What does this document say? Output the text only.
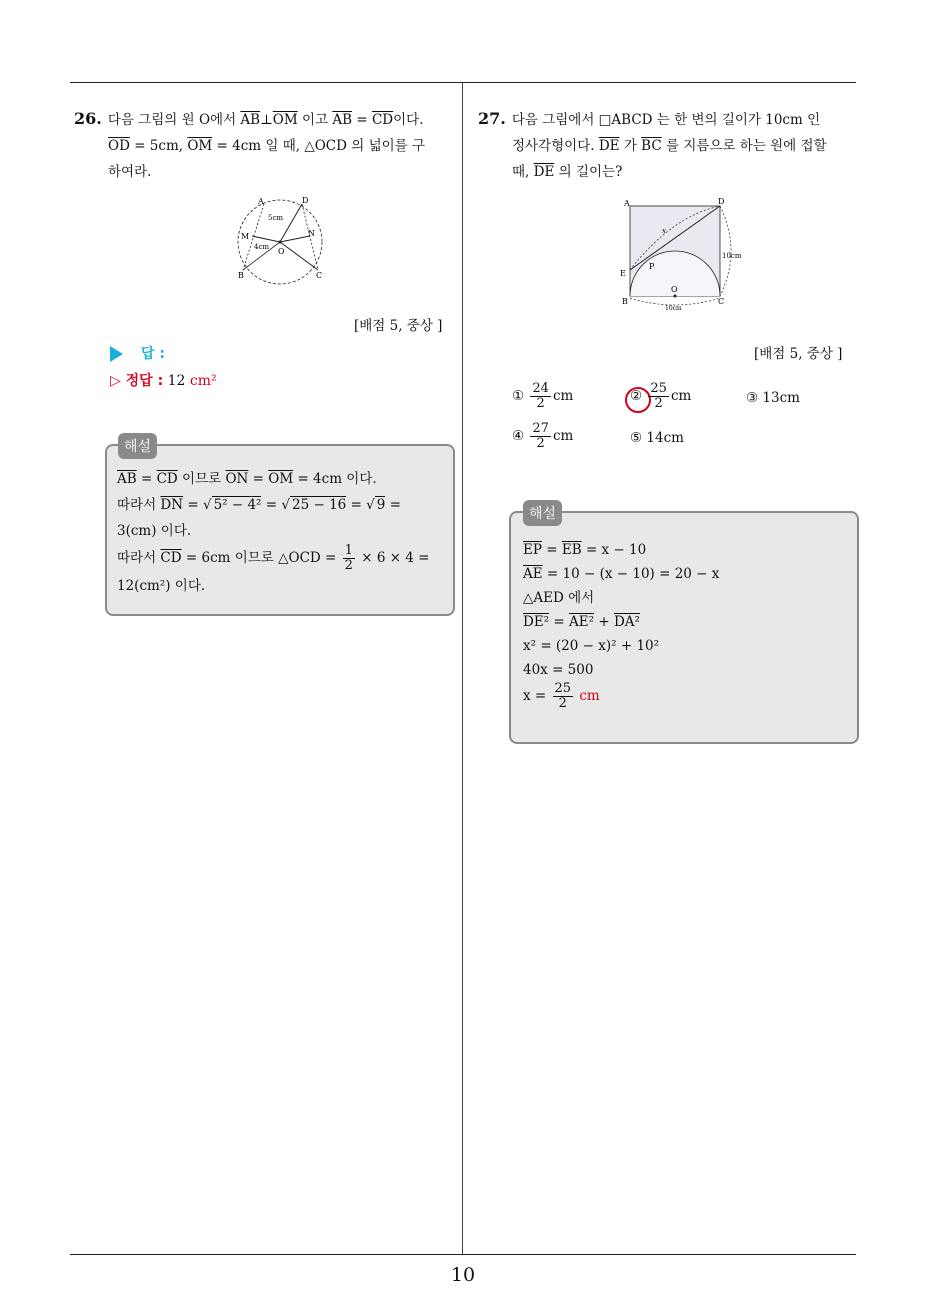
26. 다음 그림의 원 O에서 $\overline{AB}\perp\overline{OM}$ 이고 $\overline{AB} = \overline{CD}$이다.
$\overline{OD} = 5cm$, $\overline{OM} = 4cm$ 일 때, △OCD 의 넓이를 구
하여라.
A	D
M	N
O
B	C
5cm
4cm
[배점 5, 중상 ]
답 :
▷ 정답 : 12 cm²
해설
$\overline{AB} = \overline{CD}$ 이므로 $\overline{ON} = \overline{OM} = 4cm$ 이다.
따라서 $\overline{DN}$ = √ 5² − 4² = √ 25 − 16 = √ 9 =
3(cm) 이다.
따라서 $\overline{CD} = 6cm$ 이므로 △OCD = $\frac{1}{2} \times 6 \times 4$ =
12(cm²) 이다.
27. 다음 그림에서 □ABCD 는 한 변의 길이가 10cm 인
정사각형이다. $\overline{DE}$ 가 $\overline{BC}$ 를 지름으로 하는 원에 접할
때, $\overline{DE}$ 의 길이는?
A	D
E
P
B
O
C
x
10cm
10cm
[배점 5, 중상 ]
① $\frac{24}{2}$ cm	② $\frac{25}{2}$ cm	③ 13cm
④ $\frac{27}{2}$ cm	⑤ 14cm
해설
$\overline{EP} = \overline{EB} = x - 10$
$\overline{AE} = 10 - (x - 10) = 20 - x$
△AED 에서
DE² = AE² + DA²
x² = (20 − x)² + 10²
40x = 500
$x = \frac{25}{2}$ cm
10
